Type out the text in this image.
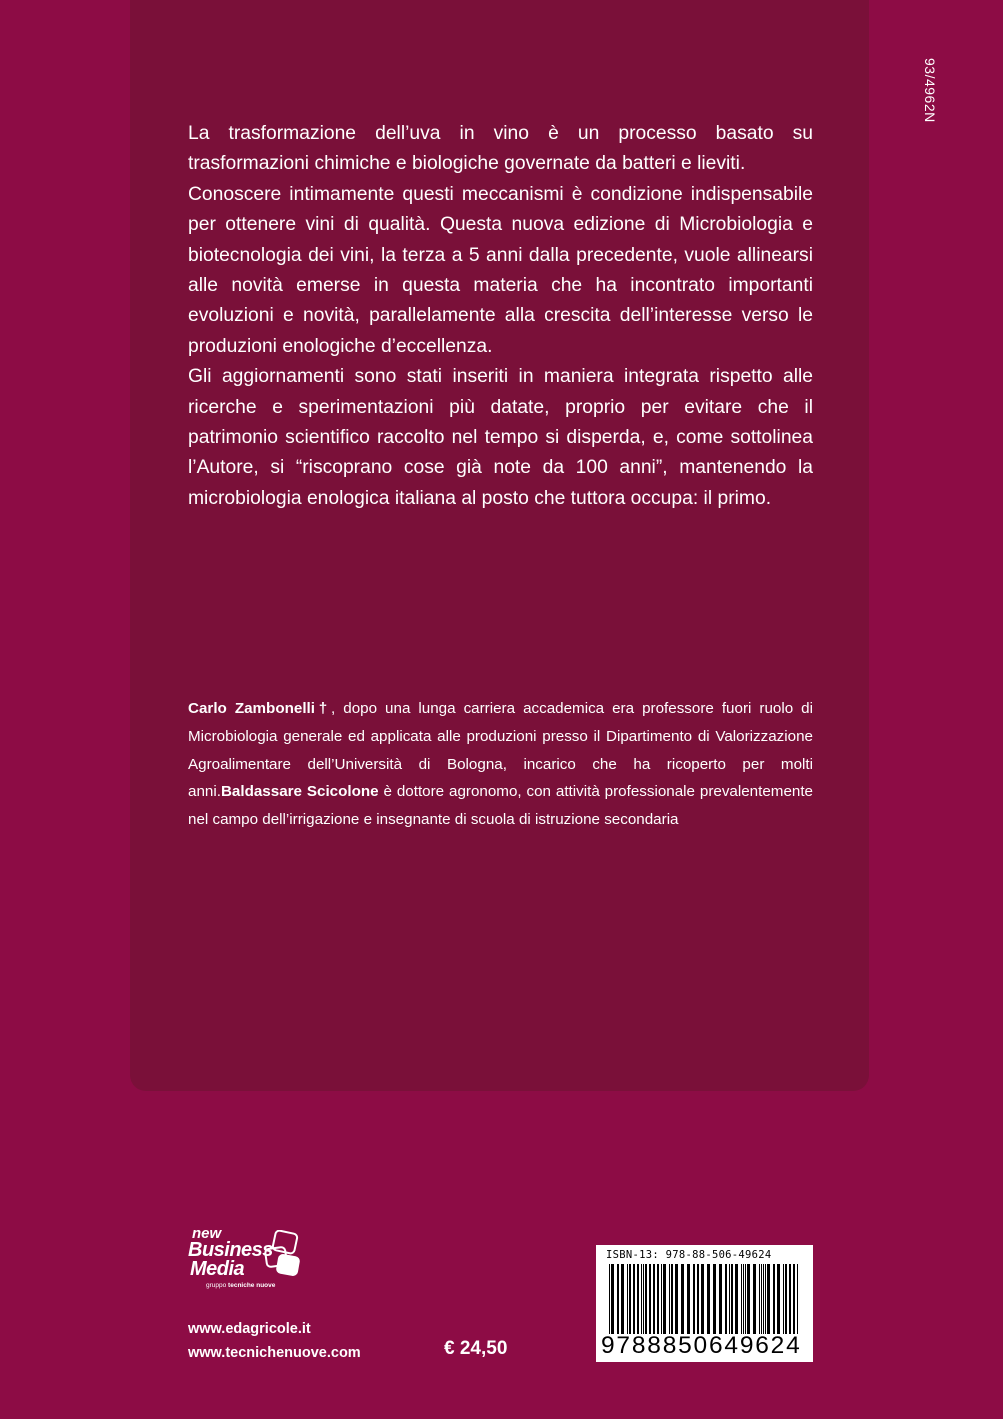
93/4962N

La trasformazione dell’uva in vino è un processo basato su trasformazioni chimiche e biologiche governate da batteri e lieviti.

Conoscere intimamente questi meccanismi è condizione indispensabile per ottenere vini di qualità. Questa nuova edizione di Microbiologia e biotecnologia dei vini, la terza a 5 anni dalla precedente, vuole allinearsi alle novità emerse in questa materia che ha incontrato importanti evoluzioni e novità, parallelamente alla crescita dell’interesse verso le produzioni enologiche d’eccellenza.

Gli aggiornamenti sono stati inseriti in maniera integrata rispetto alle ricerche e sperimentazioni più datate, proprio per evitare che il patrimonio scientifico raccolto nel tempo si disperda, e, come sottolinea l’Autore, si “riscoprano cose già note da 100 anni”, mantenendo la microbiologia enologica italiana al posto che tuttora occupa: il primo.

Carlo Zambonelli†, dopo una lunga carriera accademica era professore fuori ruolo di Microbiologia generale ed applicata alle produzioni presso il Dipartimento di Valorizzazione Agroalimentare dell’Università di Bologna, incarico che ha ricoperto per molti anni.Baldassare Scicolone è dottore agronomo, con attività professionale prevalentemente nel campo dell’irrigazione e insegnante di scuola di istruzione secondaria

new
Business
Media
gruppo tecniche nuove
www.edagricole.it
www.tecnichenuove.com	€ 24,50
ISBN-13: 978-88-506-49624
9788850649624
